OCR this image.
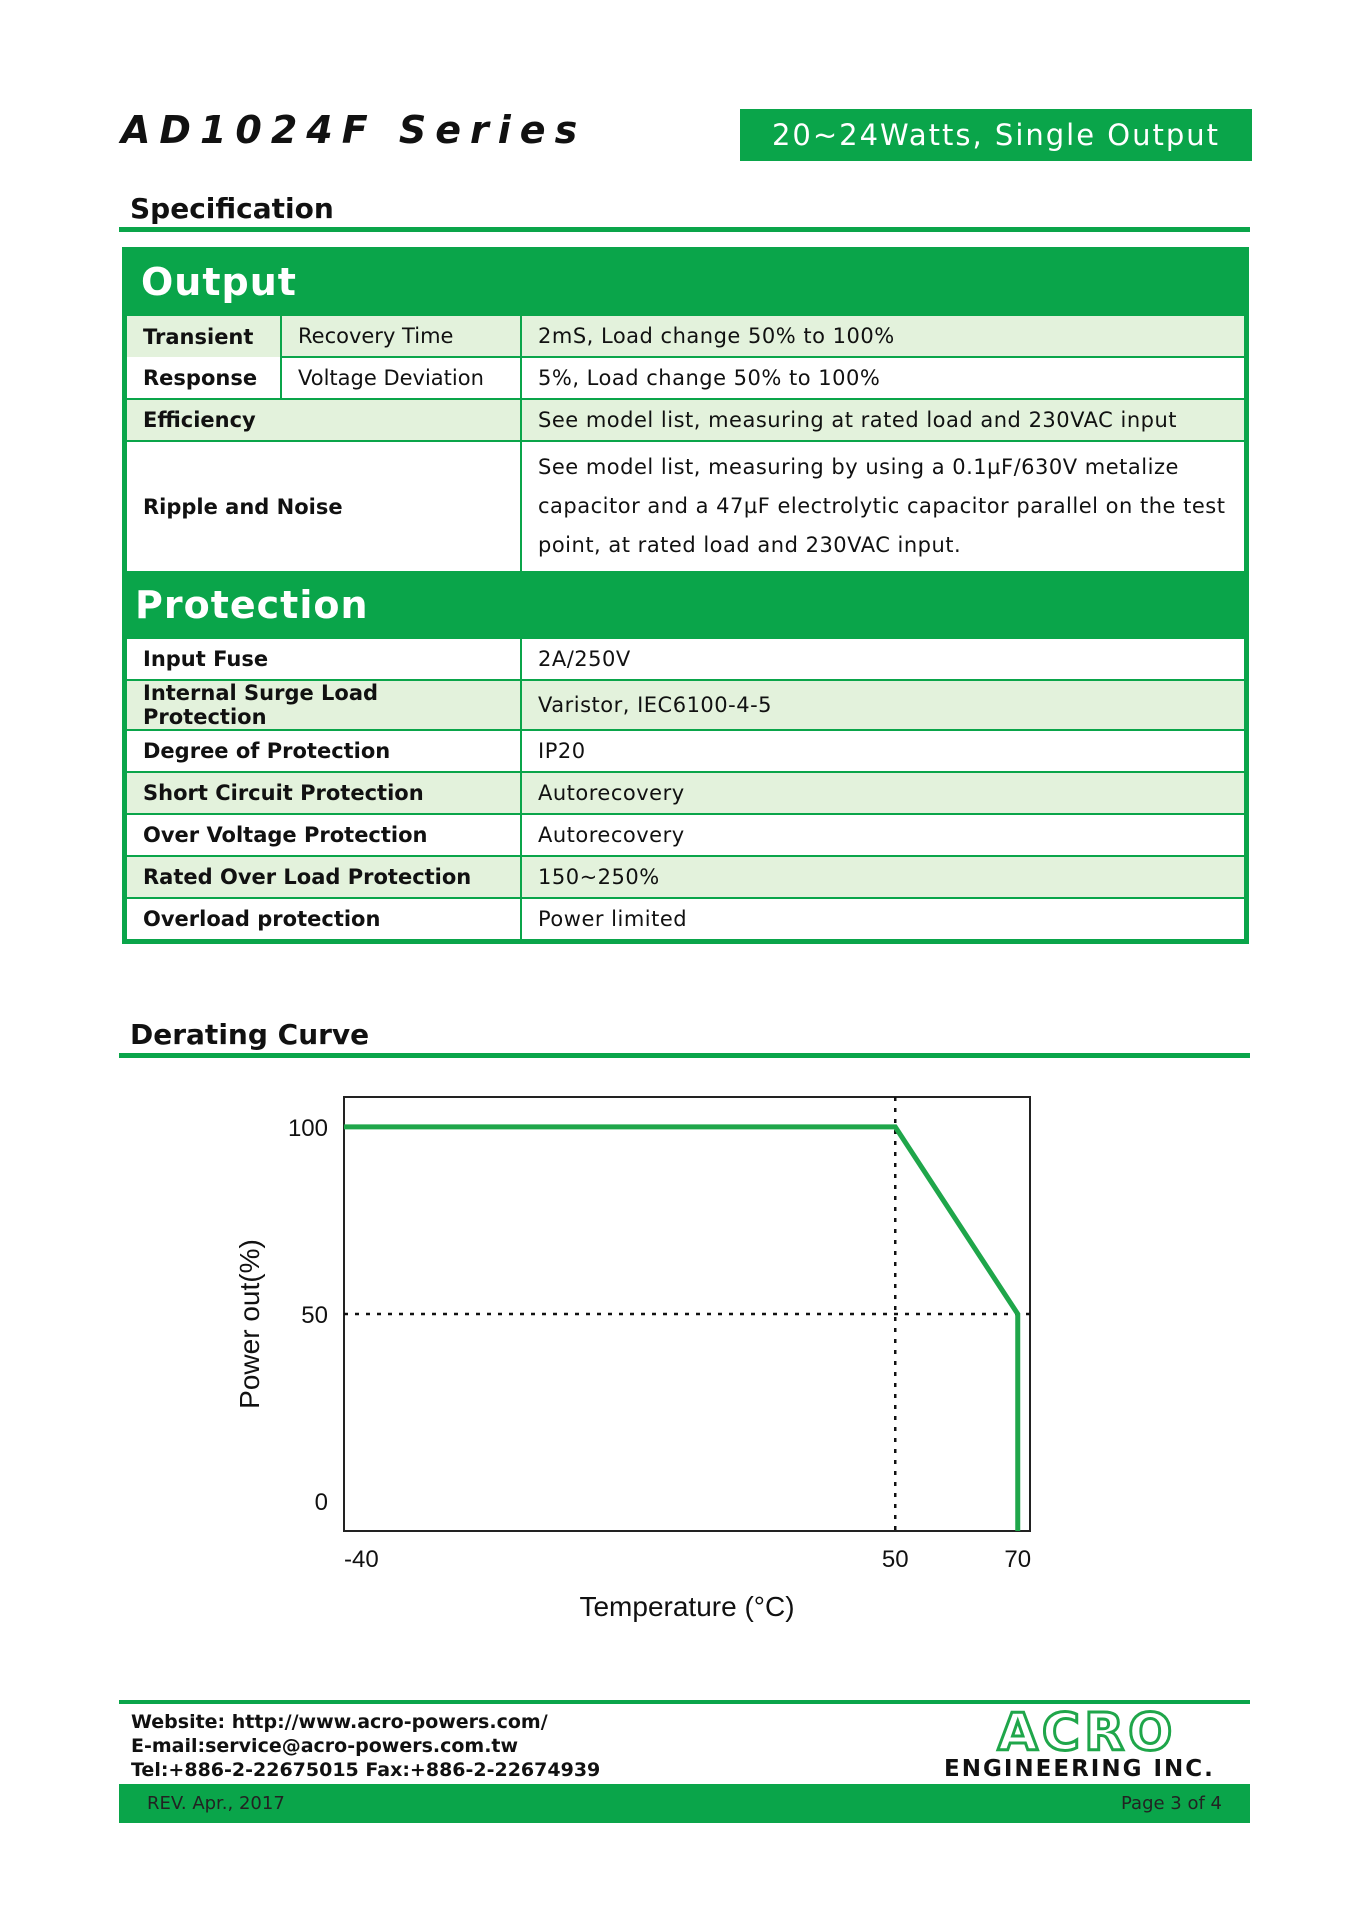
AD1024F Series	20~24Watts, Single Output
Specification
Output
Transient	Recovery Time	2mS, Load change 50% to 100%
Response	Voltage Deviation	5%, Load change 50% to 100%
Efficiency		See model list, measuring at rated load and 230VAC input
Ripple and Noise		See model list, measuring by using a 0.1µF/630V metalize
capacitor and a 47µF electrolytic capacitor parallel on the test
point, at rated load and 230VAC input.
Protection
Input Fuse	2A/250V
Internal Surge Load Protection	Varistor, IEC6100-4-5
Degree of Protection	IP20
Short Circuit Protection	Autorecovery
Over Voltage Protection	Autorecovery
Rated Over Load Protection	150~250%
Overload protection	Power limited
Derating Curve
0
50
100
-40	50	70
Temperature (°C)
Power out(%)
Website: http://www.acro-powers.com/
E-mail:service@acro-powers.com.tw
Tel:+886-2-22675015 Fax:+886-2-22674939
ACRO
ENGINEERING INC.
REV. Apr., 2017	Page 3 of 4
